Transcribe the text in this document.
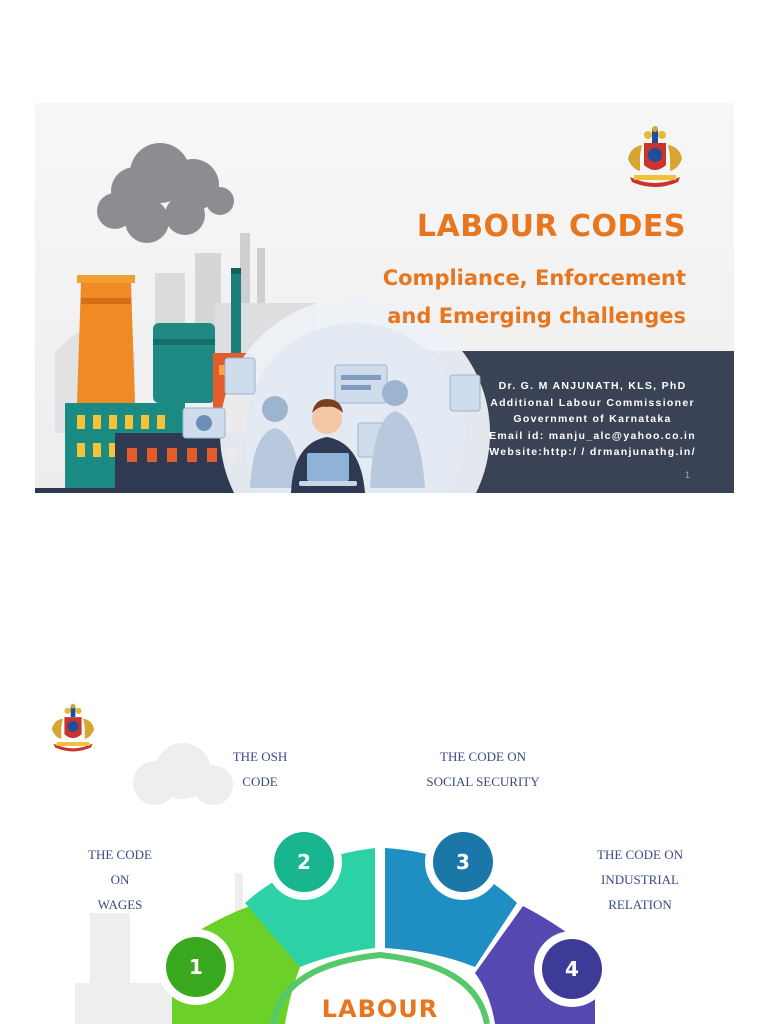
LABOUR CODES
Compliance, Enforcement
and Emerging challenges
Dr. G. M ANJUNATH, KLS, PhD
Additional Labour Commissioner
Government of Karnataka
Email id: manju_alc@yahoo.co.in
Website:http:/ / drmanjunathg.in/
1
1
2	3
4
LABOUR
THE CODE
ON
WAGES
THE OSH
CODE
THE CODE ON
SOCIAL SECURITY
THE CODE ON
INDUSTRIAL
RELATION
